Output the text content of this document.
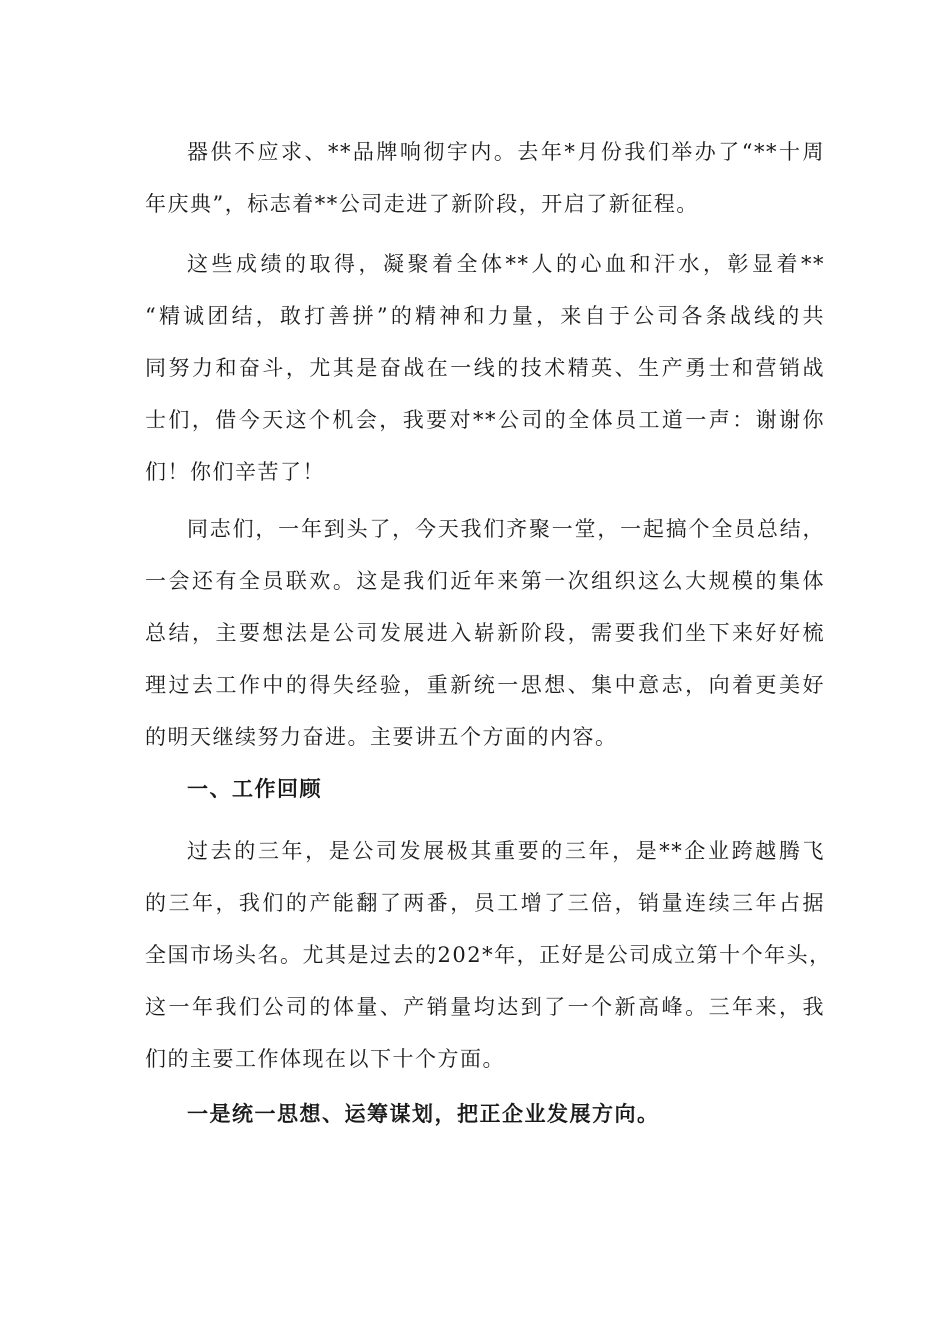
器供不应求、**品牌响彻宇内。去年*月份我们举办了“**十周
年庆典”，标志着**公司走进了新阶段，开启了新征程。
这些成绩的取得，凝聚着全体**人的心血和汗水，彰显着**
“精诚团结，敢打善拼”的精神和力量，来自于公司各条战线的共
同努力和奋斗，尤其是奋战在一线的技术精英、生产勇士和营销战
士们，借今天这个机会，我要对**公司的全体员工道一声：谢谢你
们！你们辛苦了！
同志们，一年到头了，今天我们齐聚一堂，一起搞个全员总结，
一会还有全员联欢。这是我们近年来第一次组织这么大规模的集体
总结，主要想法是公司发展进入崭新阶段，需要我们坐下来好好梳
理过去工作中的得失经验，重新统一思想、集中意志，向着更美好
的明天继续努力奋进。主要讲五个方面的内容。
一、工作回顾
过去的三年，是公司发展极其重要的三年，是**企业跨越腾飞
的三年，我们的产能翻了两番，员工增了三倍，销量连续三年占据
全国市场头名。尤其是过去的202*年，正好是公司成立第十个年头，
这一年我们公司的体量、产销量均达到了一个新高峰。三年来，我
们的主要工作体现在以下十个方面。
一是统一思想、运筹谋划，把正企业发展方向。
